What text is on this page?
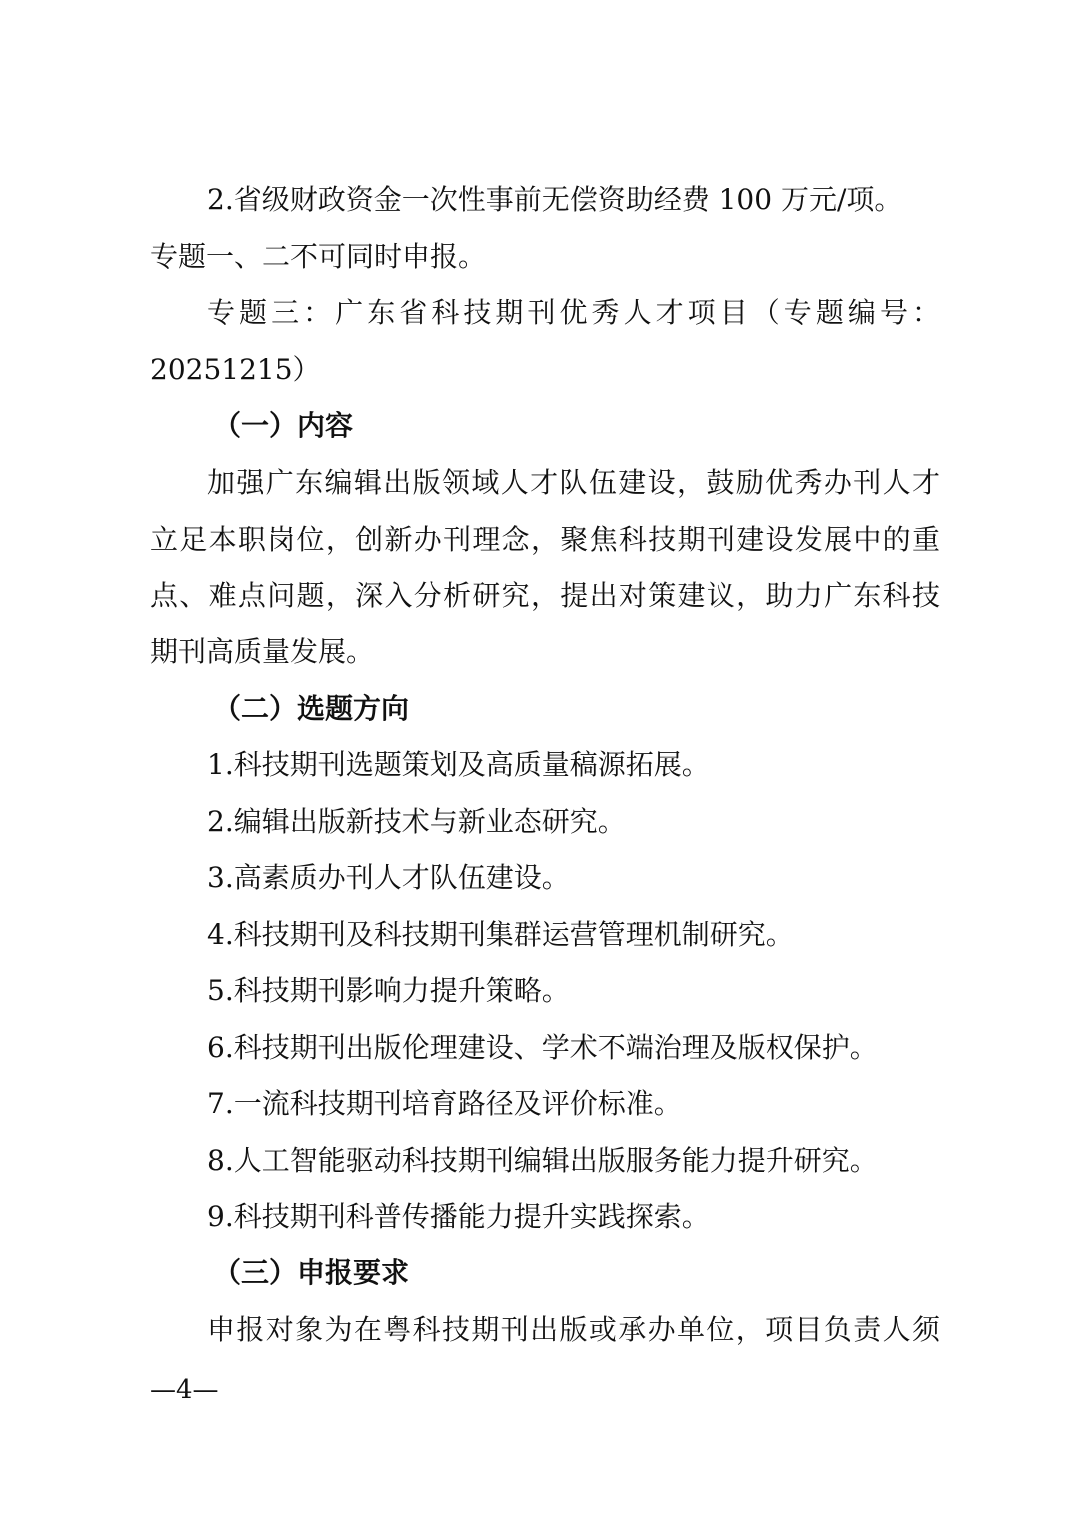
2.省级财政资金一次性事前无偿资助经费 100 万元/项。
专题一、二不可同时申报。
专题三：广东省科技期刊优秀人才项目（专题编号：
20251215）
（一）内容
加强广东编辑出版领域人才队伍建设，鼓励优秀办刊人才
立足本职岗位，创新办刊理念，聚焦科技期刊建设发展中的重
点、难点问题，深入分析研究，提出对策建议，助力广东科技
期刊高质量发展。
（二）选题方向
1.科技期刊选题策划及高质量稿源拓展。
2.编辑出版新技术与新业态研究。
3.高素质办刊人才队伍建设。
4.科技期刊及科技期刊集群运营管理机制研究。
5.科技期刊影响力提升策略。
6.科技期刊出版伦理建设、学术不端治理及版权保护。
7.一流科技期刊培育路径及评价标准。
8.人工智能驱动科技期刊编辑出版服务能力提升研究。
9.科技期刊科普传播能力提升实践探索。
（三）申报要求
申报对象为在粤科技期刊出版或承办单位，项目负责人须
—4—
